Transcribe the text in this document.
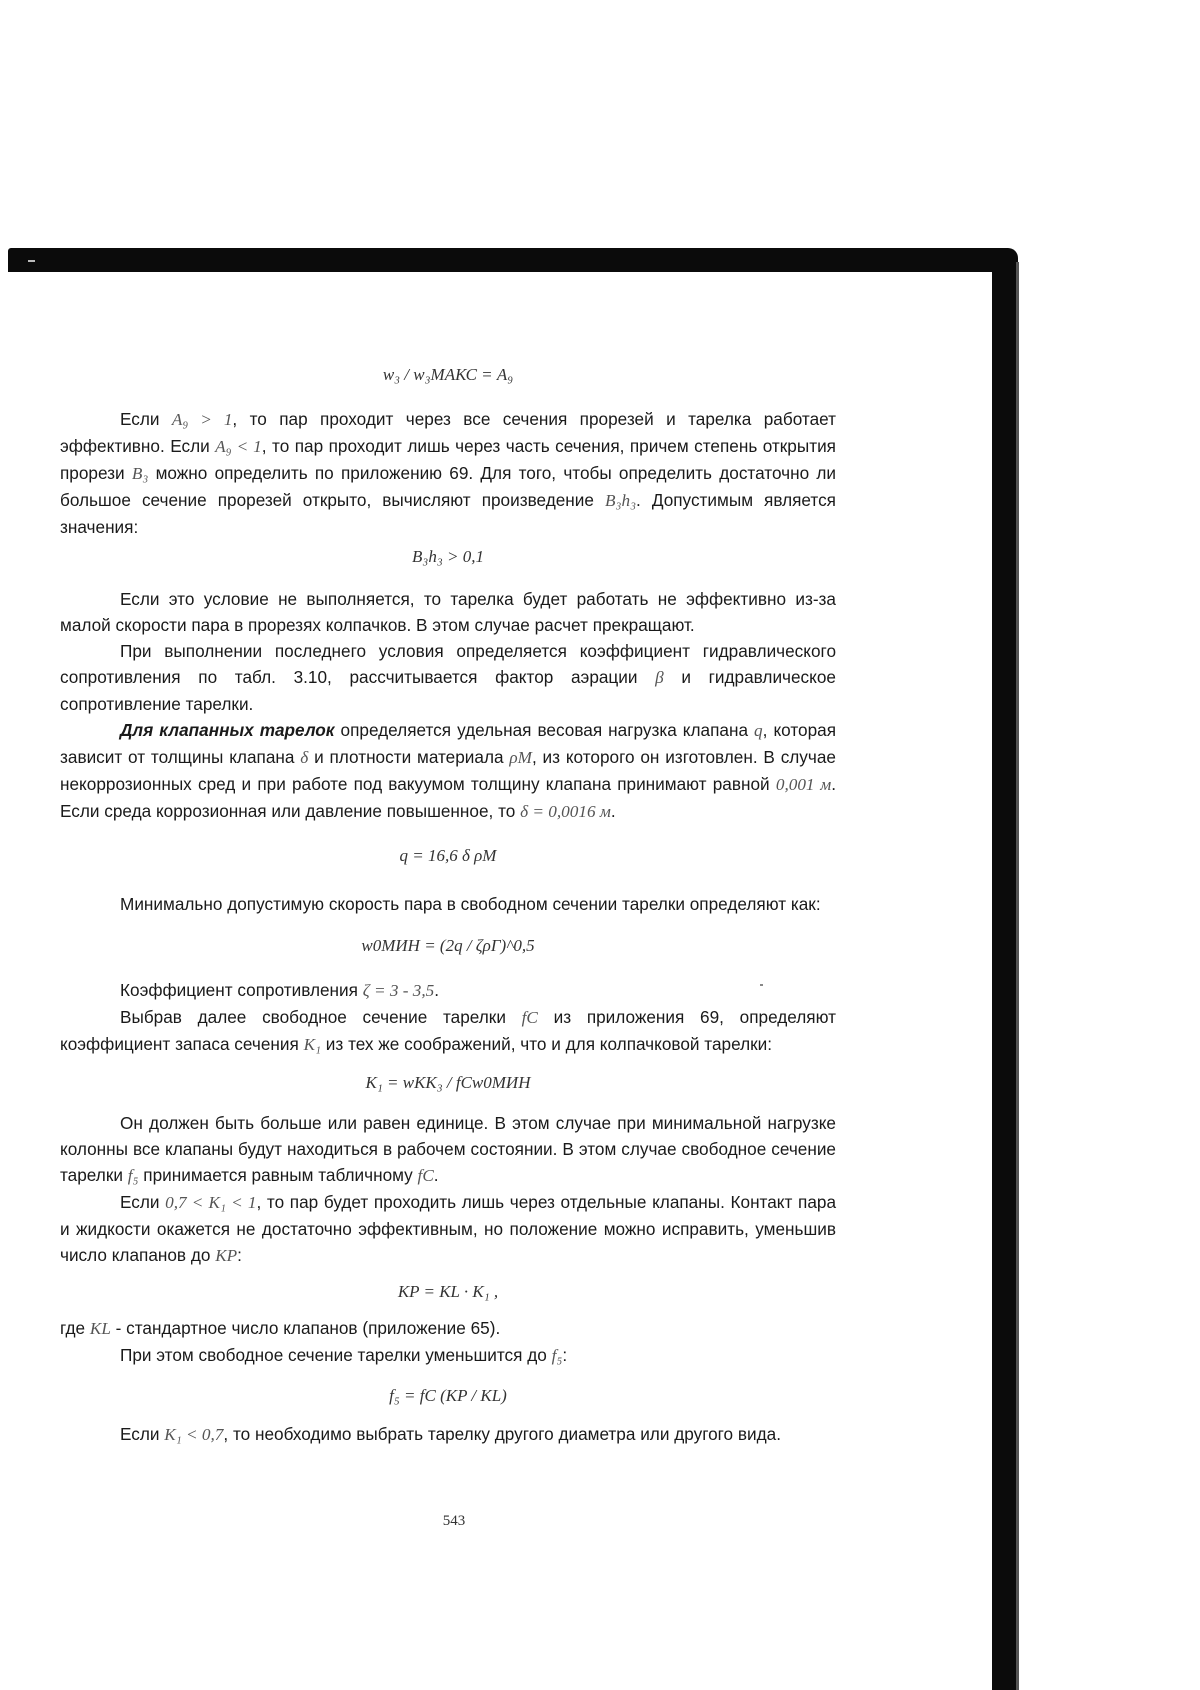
w₃ / w₃МАКС = A₉

Если A₉ > 1, то пар проходит через все сечения прорезей и тарелка работает эффективно. Если A₉ < 1, то пар проходит лишь через часть сечения, причем степень открытия прорези B₃ можно определить по приложению 69. Для того, чтобы определить достаточно ли большое сечение прорезей открыто, вычисляют произведение B₃h₃. Допустимым является значения:

B₃h₃ > 0,1

Если это условие не выполняется, то тарелка будет работать не эффективно из-за малой скорости пара в прорезях колпачков. В этом случае расчет прекращают.

При выполнении последнего условия определяется коэффициент гидравлического сопротивления по табл. 3.10, рассчитывается фактор аэрации β и гидравлическое сопротивление тарелки.

Для клапанных тарелок определяется удельная весовая нагрузка клапана q, которая зависит от толщины клапана δ и плотности материала ρМ, из которого он изготовлен. В случае некоррозионных сред и при работе под вакуумом толщину клапана принимают равной 0,001 м. Если среда коррозионная или давление повышенное, то δ = 0,0016 м.

q = 16,6 δ ρМ

Минимально допустимую скорость пара в свободном сечении тарелки определяют как:

w0МИН = (2q / ζρГ)^0,5

Коэффициент сопротивления ζ = 3 - 3,5.

Выбрав далее свободное сечение тарелки fС из приложения 69, определяют коэффициент запаса сечения K₁ из тех же соображений, что и для колпачковой тарелки:

K₁ = wКK₃ / fСw0МИН

Он должен быть больше или равен единице. В этом случае при минимальной нагрузке колонны все клапаны будут находиться в рабочем состоянии. В этом случае свободное сечение тарелки f₅ принимается равным табличному fС.

Если 0,7 < K₁ < 1, то пар будет проходить лишь через отдельные клапаны. Контакт пара и жидкости окажется не достаточно эффективным, но положение можно исправить, уменьшив число клапанов до KP:

KP = KL · K₁ ,

где KL - стандартное число клапанов (приложение 65).

При этом свободное сечение тарелки уменьшится до f₅:

f₅ = fС (KP / KL)

Если K₁ < 0,7, то необходимо выбрать тарелку другого диаметра или другого вида.

543
